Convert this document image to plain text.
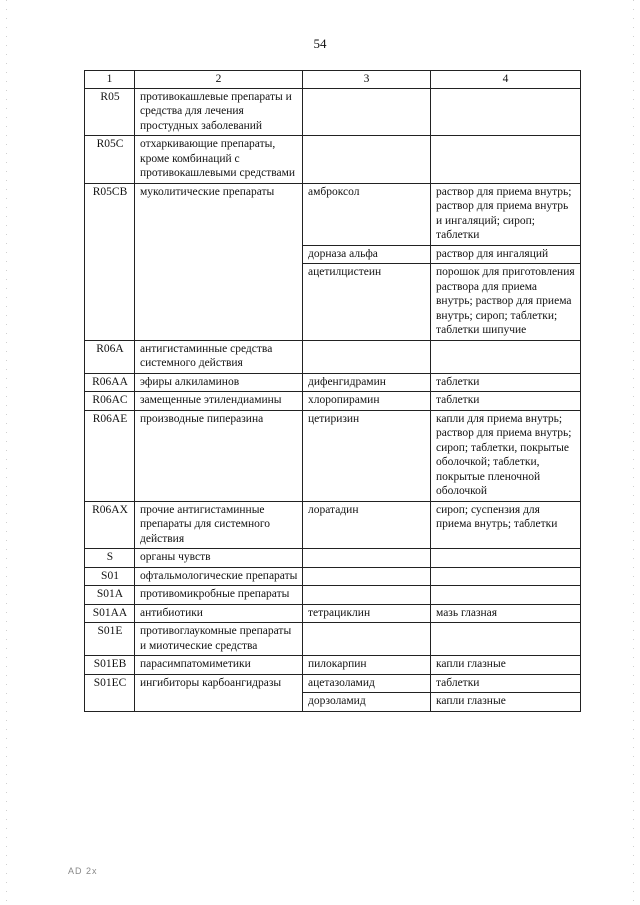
54
1	2	3	4
R05	противокашлевые препараты и средства для лечения простудных заболеваний		
R05C	отхаркивающие препараты, кроме комбинаций с противокашлевыми средствами		
R05CB	муколитические препараты	амброксол	раствор для приема внутрь; раствор для приема внутрь и ингаляций; сироп; таблетки
		дорназа альфа	раствор для ингаляций
		ацетилцистеин	порошок для приготовления раствора для приема внутрь; раствор для приема внутрь; сироп; таблетки; таблетки шипучие
R06A	антигистаминные средства системного действия		
R06AA	эфиры алкиламинов	дифенгидрамин	таблетки
R06AC	замещенные этилендиамины	хлоропирамин	таблетки
R06AE	производные пиперазина	цетиризин	капли для приема внутрь; раствор для приема внутрь; сироп; таблетки, покрытые оболочкой; таблетки, покрытые пленочной оболочкой
R06AX	прочие антигистаминные препараты для системного действия	лоратадин	сироп; суспензия для приема внутрь; таблетки
S	органы чувств		
S01	офтальмологические препараты		
S01A	противомикробные препараты		
S01AA	антибиотики	тетрациклин	мазь глазная
S01E	противоглаукомные препараты и миотические средства		
S01EB	парасимпатомиметики	пилокарпин	капли глазные
S01EC	ингибиторы карбоангидразы	ацетазоламид	таблетки
		дорзоламид	капли глазные
AD 2x
